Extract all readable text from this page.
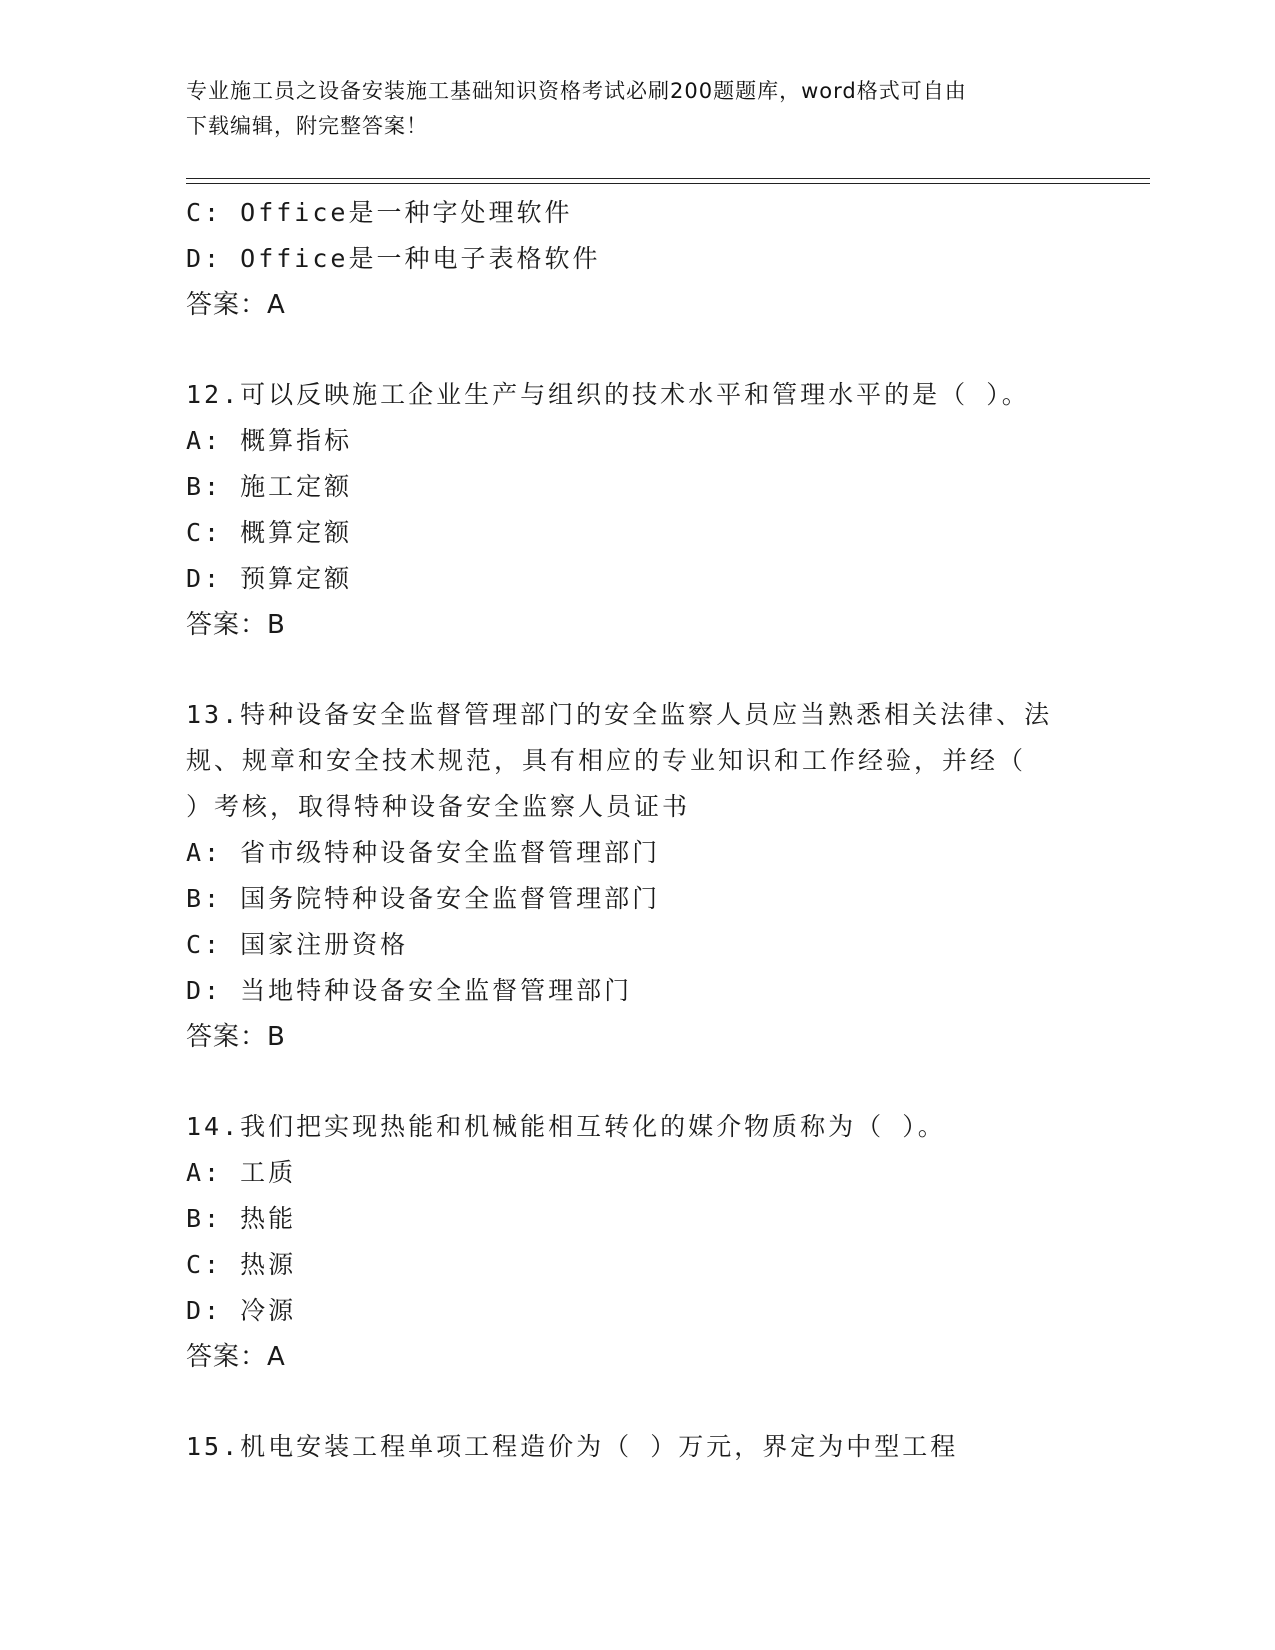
专业施工员之设备安装施工基础知识资格考试必刷200题题库，word格式可自由
下载编辑，附完整答案！
C: Office是一种字处理软件
D: Office是一种电子表格软件
答案：A
12.可以反映施工企业生产与组织的技术水平和管理水平的是（ ）。
A: 概算指标
B: 施工定额
C: 概算定额
D: 预算定额
答案：B
13.特种设备安全监督管理部门的安全监察人员应当熟悉相关法律、法
规、规章和安全技术规范，具有相应的专业知识和工作经验，并经（
）考核，取得特种设备安全监察人员证书
A: 省市级特种设备安全监督管理部门
B: 国务院特种设备安全监督管理部门
C: 国家注册资格
D: 当地特种设备安全监督管理部门
答案：B
14.我们把实现热能和机械能相互转化的媒介物质称为（ ）。
A: 工质
B: 热能
C: 热源
D: 冷源
答案：A
15.机电安装工程单项工程造价为（ ）万元，界定为中型工程
